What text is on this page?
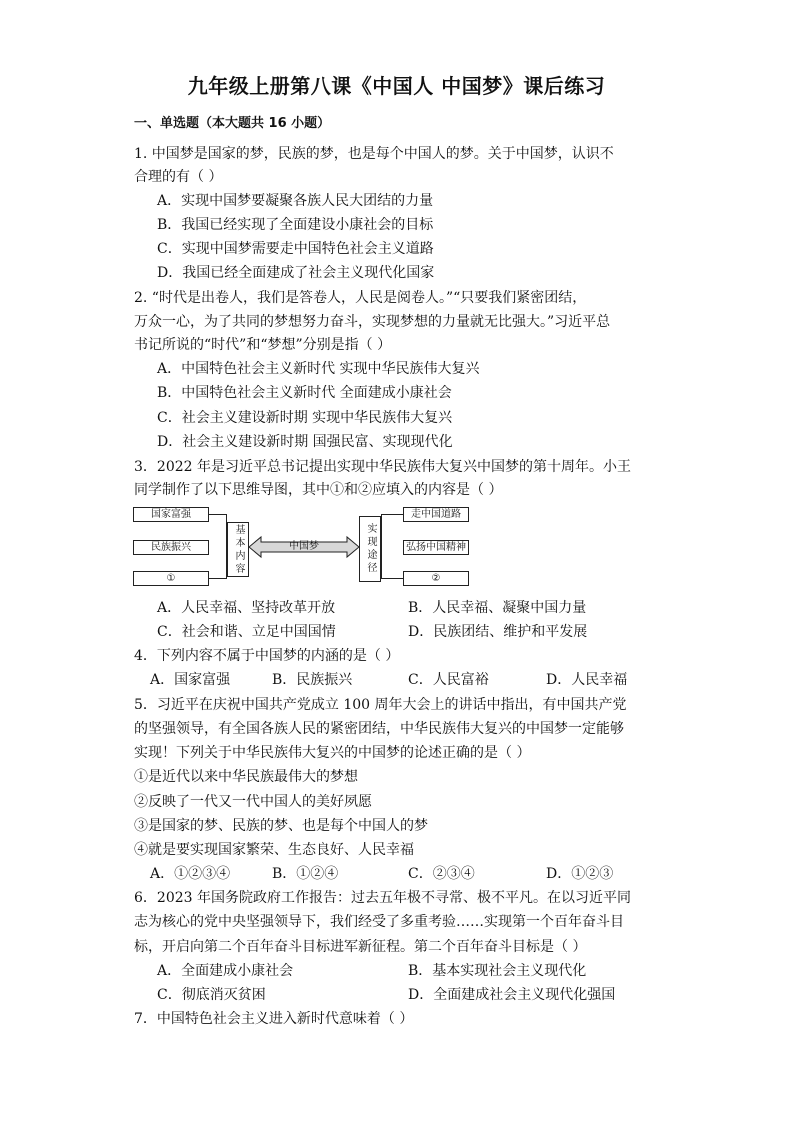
九年级上册第八课《中国人 中国梦》课后练习
一、单选题（本大题共 16 小题）
1. 中国梦是国家的梦，民族的梦，也是每个中国人的梦。关于中国梦，认识不
合理的有（ ）
A．实现中国梦要凝聚各族人民大团结的力量
B．我国已经实现了全面建设小康社会的目标
C．实现中国梦需要走中国特色社会主义道路
D．我国已经全面建成了社会主义现代化国家
2. “时代是出卷人，我们是答卷人，人民是阅卷人。”“只要我们紧密团结，
万众一心，为了共同的梦想努力奋斗，实现梦想的力量就无比强大。”习近平总
书记所说的“时代”和“梦想”分别是指（ ）
A．中国特色社会主义新时代 实现中华民族伟大复兴
B．中国特色社会主义新时代 全面建成小康社会
C．社会主义建设新时期 实现中华民族伟大复兴
D．社会主义建设新时期 国强民富、实现现代化
3．2022 年是习近平总书记提出实现中华民族伟大复兴中国梦的第十周年。小王
同学制作了以下思维导图，其中①和②应填入的内容是（ ）
国家富强
民族振兴
①
基本内容	中国梦	实现途径
走中国道路
弘扬中国精神
②
A．人民幸福、坚持改革开放	B．人民幸福、凝聚中国力量
C．社会和谐、立足中国国情	D．民族团结、维护和平发展
4．下列内容不属于中国梦的内涵的是（ ）
A．国家富强	B．民族振兴	C．人民富裕	D．人民幸福
5．习近平在庆祝中国共产党成立 100 周年大会上的讲话中指出，有中国共产党
的坚强领导，有全国各族人民的紧密团结，中华民族伟大复兴的中国梦一定能够
实现！下列关于中华民族伟大复兴的中国梦的论述正确的是（ ）
①是近代以来中华民族最伟大的梦想
②反映了一代又一代中国人的美好夙愿
③是国家的梦、民族的梦、也是每个中国人的梦
④就是要实现国家繁荣、生态良好、人民幸福
A．①②③④	B．①②④	C．②③④	D．①②③
6．2023 年国务院政府工作报告：过去五年极不寻常、极不平凡。在以习近平同
志为核心的党中央坚强领导下，我们经受了多重考验……实现第一个百年奋斗目
标，开启向第二个百年奋斗目标进军新征程。第二个百年奋斗目标是（ ）
A．全面建成小康社会	B．基本实现社会主义现代化
C．彻底消灭贫困	D．全面建成社会主义现代化强国
7．中国特色社会主义进入新时代意味着（ ）
